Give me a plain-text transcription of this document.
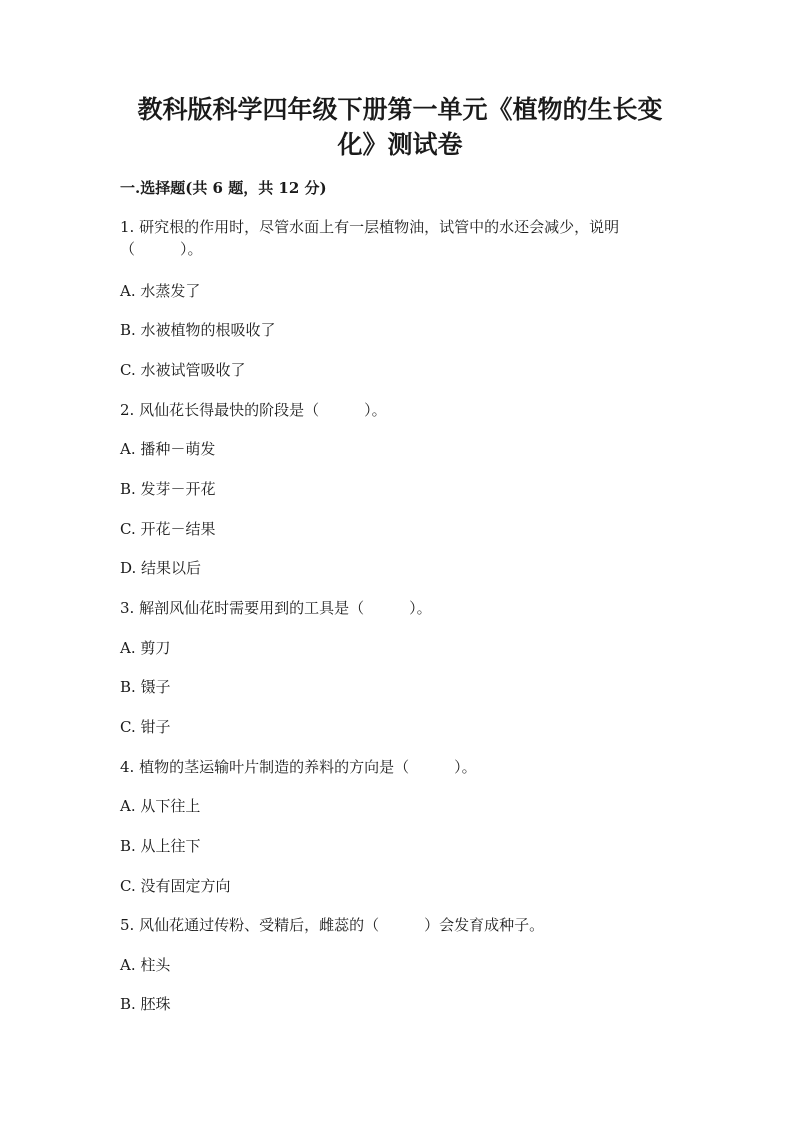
教科版科学四年级下册第一单元《植物的生长变
化》测试卷
一.选择题(共 6 题，共 12 分)
1. 研究根的作用时，尽管水面上有一层植物油，试管中的水还会减少，说明
（　　　）。
A. 水蒸发了
B. 水被植物的根吸收了
C. 水被试管吸收了
2. 风仙花长得最快的阶段是（　　　）。
A. 播种－萌发
B. 发芽－开花
C. 开花－结果
D. 结果以后
3. 解剖风仙花时需要用到的工具是（　　　）。
A. 剪刀
B. 镊子
C. 钳子
4. 植物的茎运输叶片制造的养料的方向是（　　　）。
A. 从下往上
B. 从上往下
C. 没有固定方向
5. 风仙花通过传粉、受精后，雌蕊的（　　　）会发育成种子。
A. 柱头
B. 胚珠
